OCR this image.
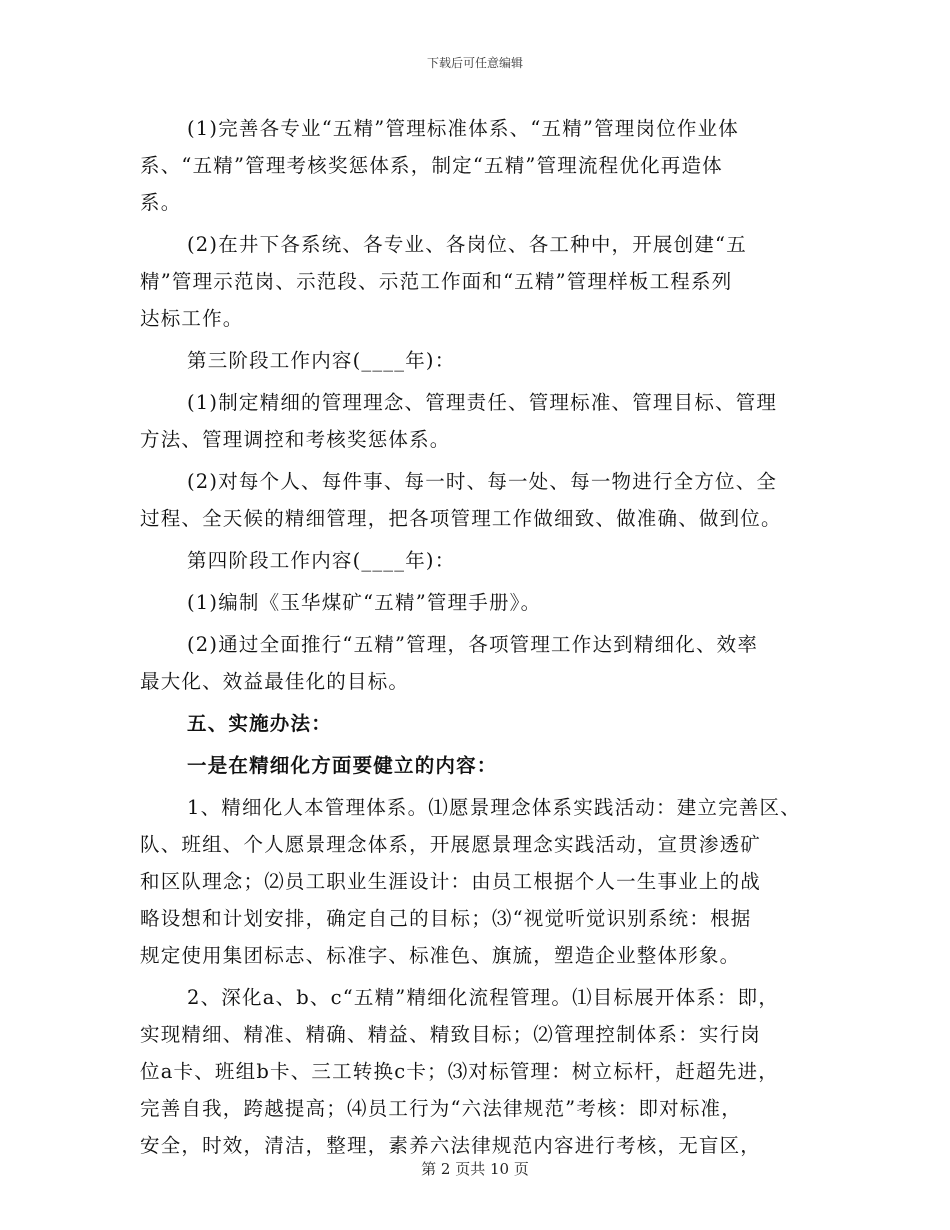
下载后可任意编辑

(1)完善各专业“五精”管理标准体系、“五精”管理岗位作业体
系、“五精”管理考核奖惩体系，制定“五精”管理流程优化再造体
系。

(2)在井下各系统、各专业、各岗位、各工种中，开展创建“五
精”管理示范岗、示范段、示范工作面和“五精”管理样板工程系列
达标工作。

第三阶段工作内容(____年)：

(1)制定精细的管理理念、管理责任、管理标准、管理目标、管理
方法、管理调控和考核奖惩体系。

(2)对每个人、每件事、每一时、每一处、每一物进行全方位、全
过程、全天候的精细管理，把各项管理工作做细致、做准确、做到位。

第四阶段工作内容(____年)：

(1)编制《玉华煤矿“五精”管理手册》。

(2)通过全面推行“五精”管理，各项管理工作达到精细化、效率
最大化、效益最佳化的目标。

五、实施办法：

一是在精细化方面要健立的内容：

1、精细化人本管理体系。⑴愿景理念体系实践活动：建立完善区、
队、班组、个人愿景理念体系，开展愿景理念实践活动，宣贯渗透矿
和区队理念；⑵员工职业生涯设计：由员工根据个人一生事业上的战
略设想和计划安排，确定自己的目标；⑶“视觉听觉识别系统：根据
规定使用集团标志、标准字、标准色、旗旈，塑造企业整体形象。

2、深化a、b、c“五精”精细化流程管理。⑴目标展开体系：即，
实现精细、精准、精确、精益、精致目标；⑵管理控制体系：实行岗
位a卡、班组b卡、三工转换c卡；⑶对标管理：树立标杆，赶超先进，
完善自我，跨越提高；⑷员工行为“六法律规范”考核：即对标准，
安全，时效，清洁，整理，素养六法律规范内容进行考核，无盲区，

第 2 页共 10 页
